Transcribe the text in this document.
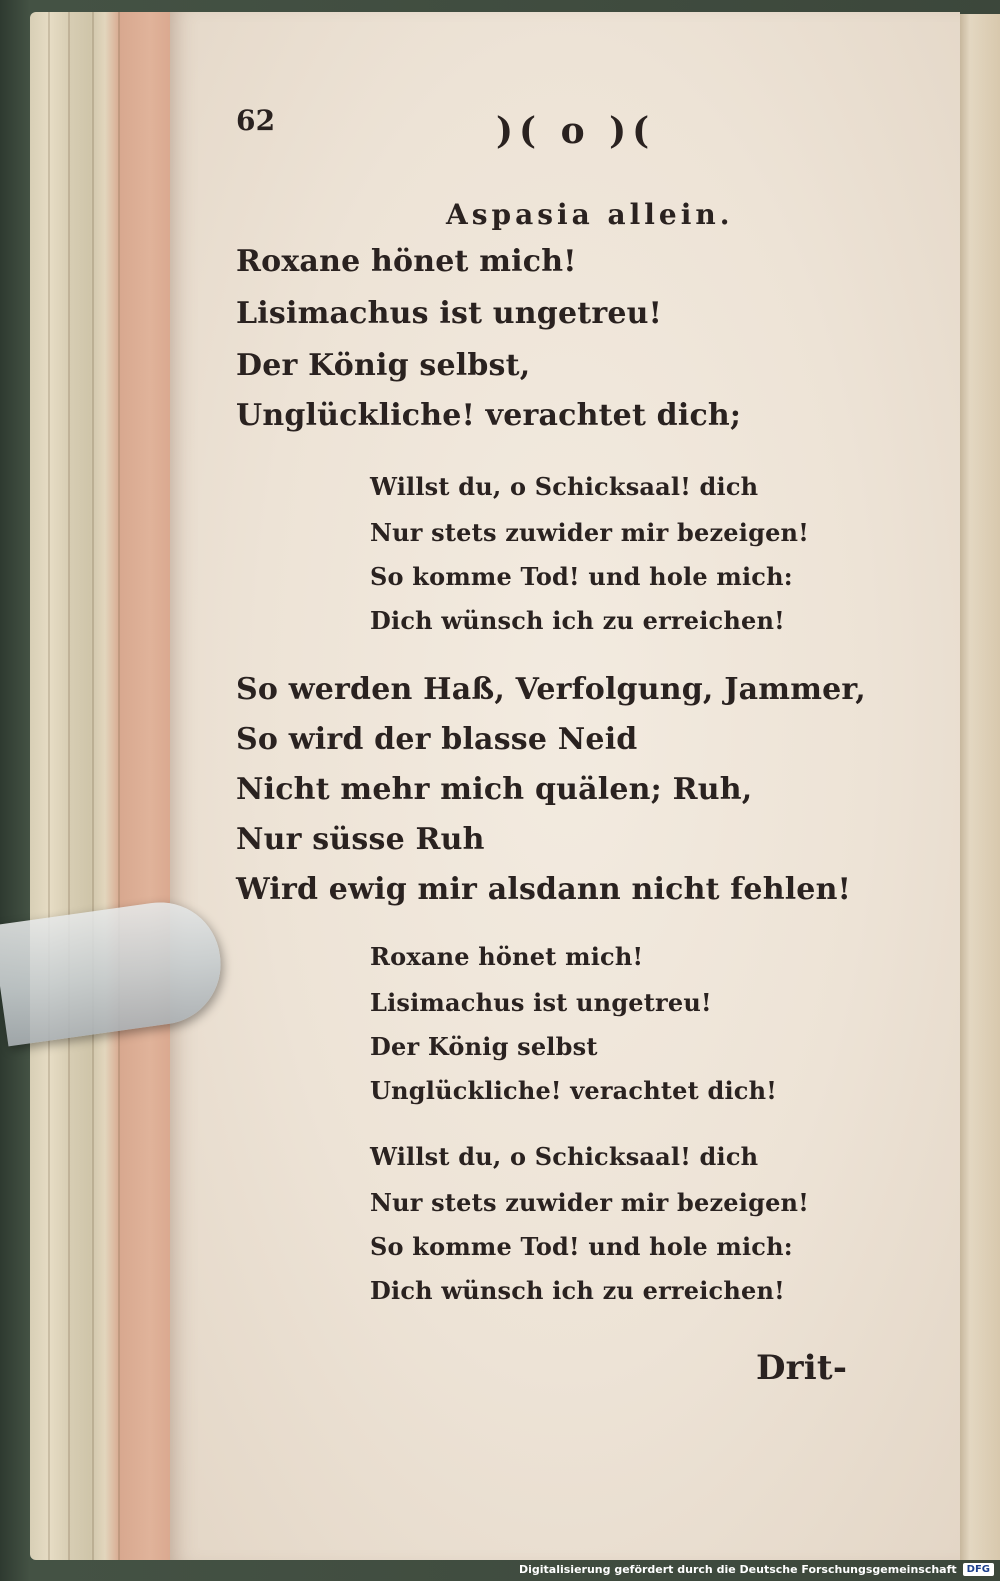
62	)( o )(
Aspasia allein.
Roxane hönet mich!
Lisimachus ist ungetreu!
Der König selbst,
Unglückliche! verachtet dich;
Willst du, o Schicksaal! dich
Nur stets zuwider mir bezeigen!
So komme Tod! und hole mich:
Dich wünsch ich zu erreichen!
So werden Haß, Verfolgung, Jammer,
So wird der blasse Neid
Nicht mehr mich quälen; Ruh,
Nur süsse Ruh
Wird ewig mir alsdann nicht fehlen!
Roxane hönet mich!
Lisimachus ist ungetreu!
Der König selbst
Unglückliche! verachtet dich!
Willst du, o Schicksaal! dich
Nur stets zuwider mir bezeigen!
So komme Tod! und hole mich:
Dich wünsch ich zu erreichen!
Drit-
Digitalisierung gefördert durch die Deutsche Forschungsgemeinschaft	DFG
